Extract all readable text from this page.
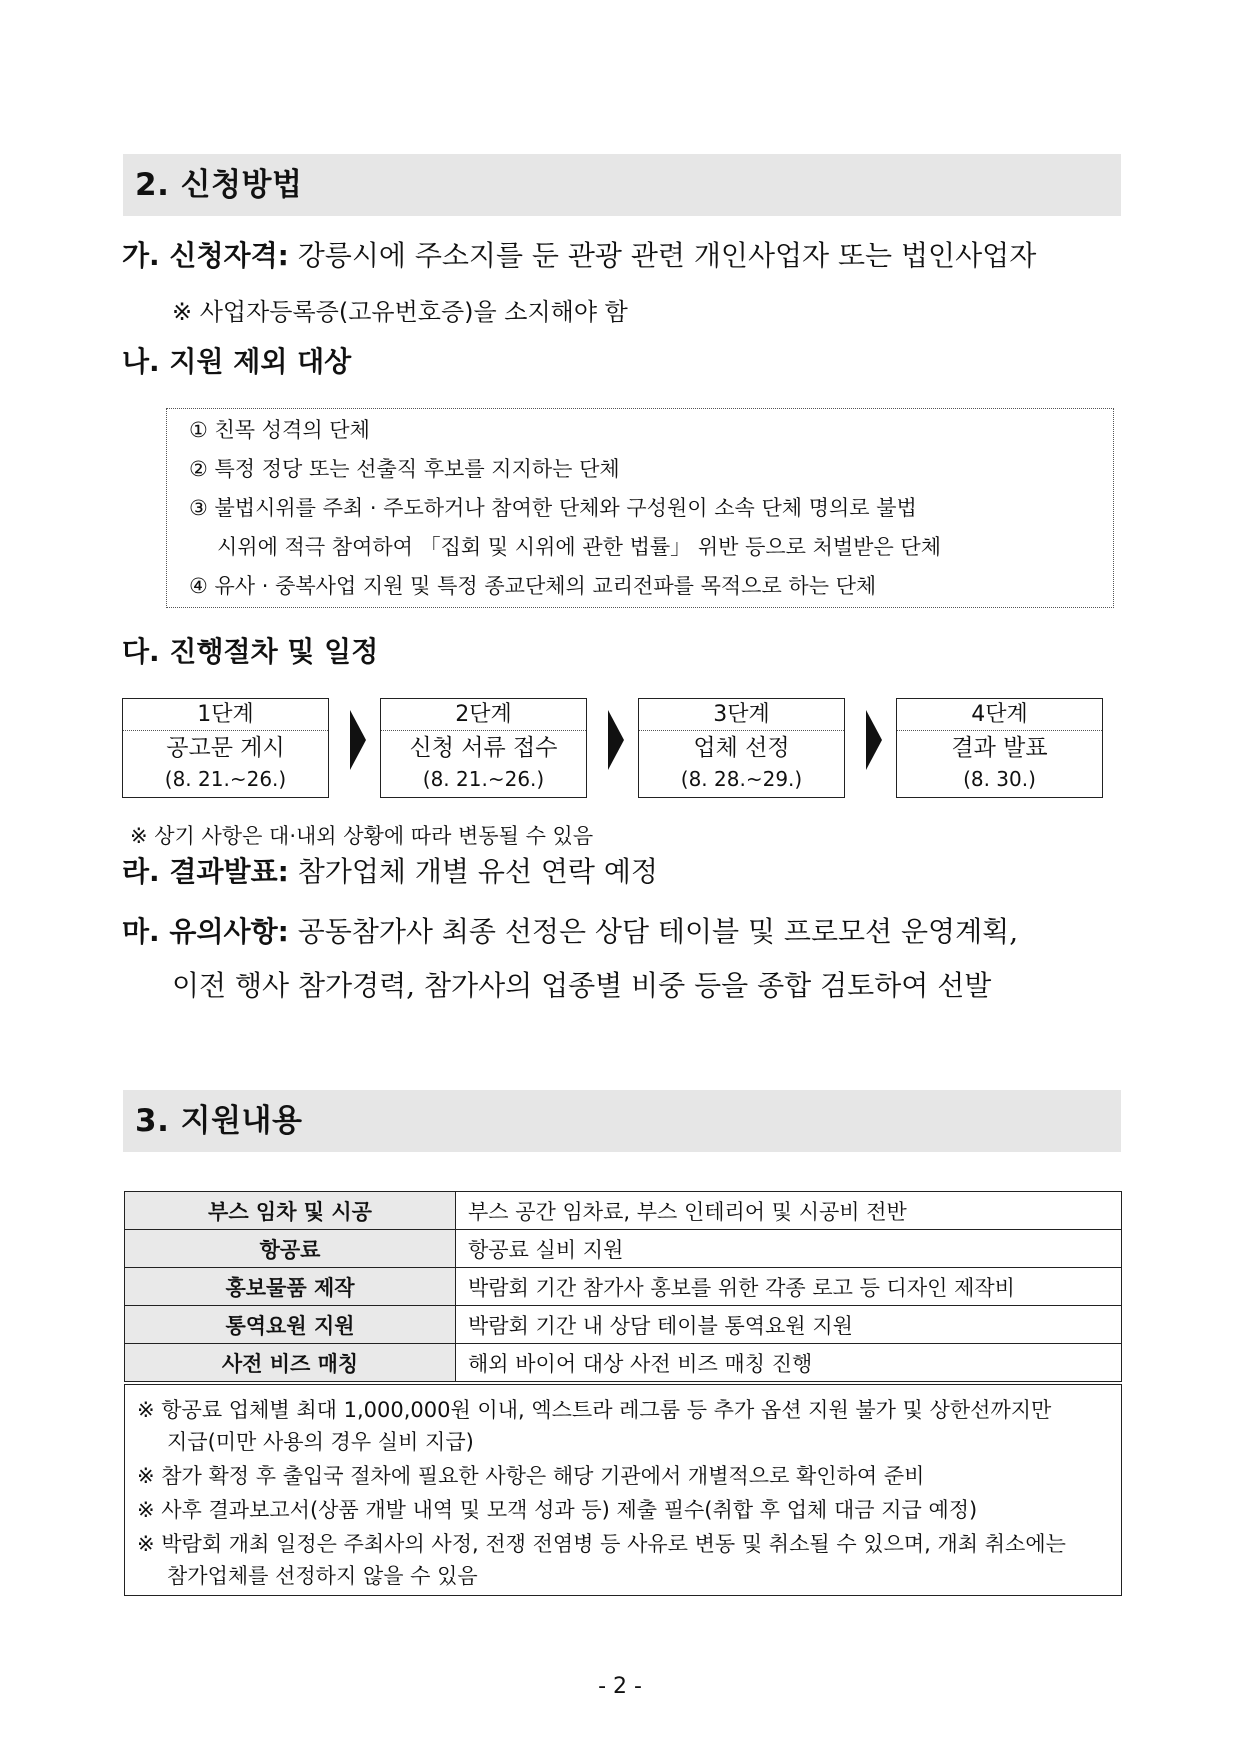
2. 신청방법
가. 신청자격: 강릉시에 주소지를 둔 관광 관련 개인사업자 또는 법인사업자
※ 사업자등록증(고유번호증)을 소지해야 함
나. 지원 제외 대상
① 친목 성격의 단체
② 특정 정당 또는 선출직 후보를 지지하는 단체
③ 불법시위를 주최 · 주도하거나 참여한 단체와 구성원이 소속 단체 명의로 불법
시위에 적극 참여하여 「집회 및 시위에 관한 법률」 위반 등으로 처벌받은 단체
④ 유사 · 중복사업 지원 및 특정 종교단체의 교리전파를 목적으로 하는 단체
다. 진행절차 및 일정
1단계
공고문 게시
(8. 21.~26.)
2단계
신청 서류 접수
(8. 21.~26.)
3단계
업체 선정
(8. 28.~29.)
4단계
결과 발표
(8. 30.)
※ 상기 사항은 대·내외 상황에 따라 변동될 수 있음
라. 결과발표: 참가업체 개별 유선 연락 예정
마. 유의사항: 공동참가사 최종 선정은 상담 테이블 및 프로모션 운영계획,
이전 행사 참가경력, 참가사의 업종별 비중 등을 종합 검토하여 선발
3. 지원내용
부스 임차 및 시공	부스 공간 임차료, 부스 인테리어 및 시공비 전반
항공료	항공료 실비 지원
홍보물품 제작	박람회 기간 참가사 홍보를 위한 각종 로고 등 디자인 제작비
통역요원 지원	박람회 기간 내 상담 테이블 통역요원 지원
사전 비즈 매칭	해외 바이어 대상 사전 비즈 매칭 진행
※ 항공료 업체별 최대 1,000,000원 이내, 엑스트라 레그룸 등 추가 옵션 지원 불가 및 상한선까지만
지급(미만 사용의 경우 실비 지급)
※ 참가 확정 후 출입국 절차에 필요한 사항은 해당 기관에서 개별적으로 확인하여 준비
※ 사후 결과보고서(상품 개발 내역 및 모객 성과 등) 제출 필수(취합 후 업체 대금 지급 예정)
※ 박람회 개최 일정은 주최사의 사정, 전쟁 전염병 등 사유로 변동 및 취소될 수 있으며, 개최 취소에는
참가업체를 선정하지 않을 수 있음
- 2 -
